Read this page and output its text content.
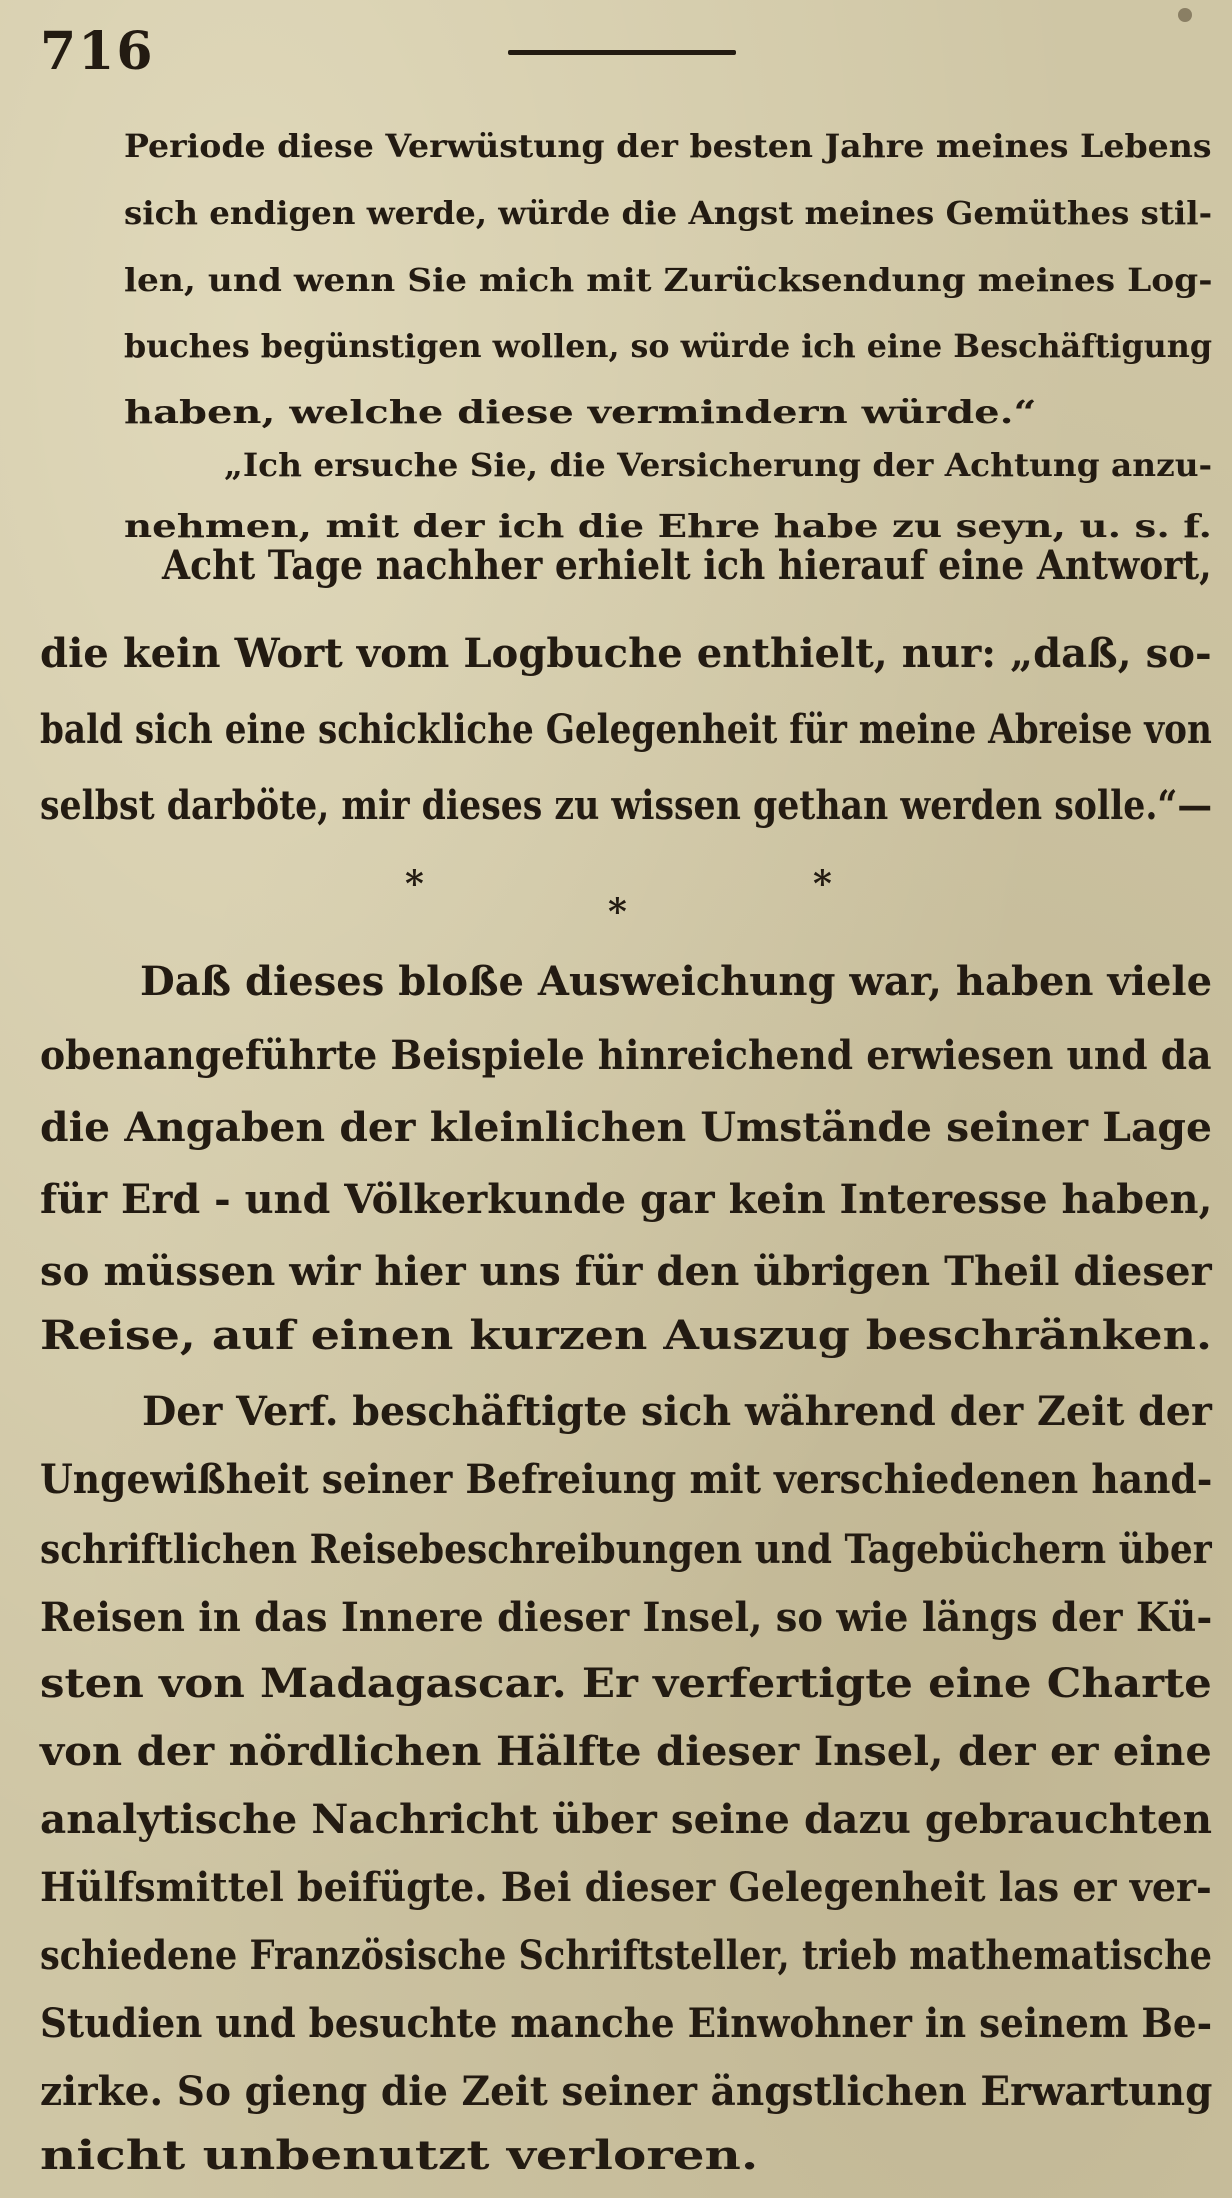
716
Periode diese Verwüstung der besten Jahre meines Lebens
sich endigen werde, würde die Angst meines Gemüthes stil-
len, und wenn Sie mich mit Zurücksendung meines Log-
buches begünstigen wollen, so würde ich eine Beschäftigung
haben, welche diese vermindern würde.“
„Ich ersuche Sie, die Versicherung der Achtung anzu-
nehmen, mit der ich die Ehre habe zu seyn, u. s. f.
Acht Tage nachher erhielt ich hierauf eine Antwort,
die kein Wort vom Logbuche enthielt, nur: „daß, so-
bald sich eine schickliche Gelegenheit für meine Abreise von
selbst darböte, mir dieses zu wissen gethan werden solle.“—
*
*
*
Daß dieses bloße Ausweichung war, haben viele
obenangeführte Beispiele hinreichend erwiesen und da
die Angaben der kleinlichen Umstände seiner Lage
für Erd - und Völkerkunde gar kein Interesse haben,
so müssen wir hier uns für den übrigen Theil dieser
Reise, auf einen kurzen Auszug beschränken.
Der Verf. beschäftigte sich während der Zeit der
Ungewißheit seiner Befreiung mit verschiedenen hand-
schriftlichen Reisebeschreibungen und Tagebüchern über
Reisen in das Innere dieser Insel, so wie längs der Kü-
sten von Madagascar. Er verfertigte eine Charte
von der nördlichen Hälfte dieser Insel, der er eine
analytische Nachricht über seine dazu gebrauchten
Hülfsmittel beifügte. Bei dieser Gelegenheit las er ver-
schiedene Französische Schriftsteller, trieb mathematische
Studien und besuchte manche Einwohner in seinem Be-
zirke. So gieng die Zeit seiner ängstlichen Erwartung
nicht unbenutzt verloren.
